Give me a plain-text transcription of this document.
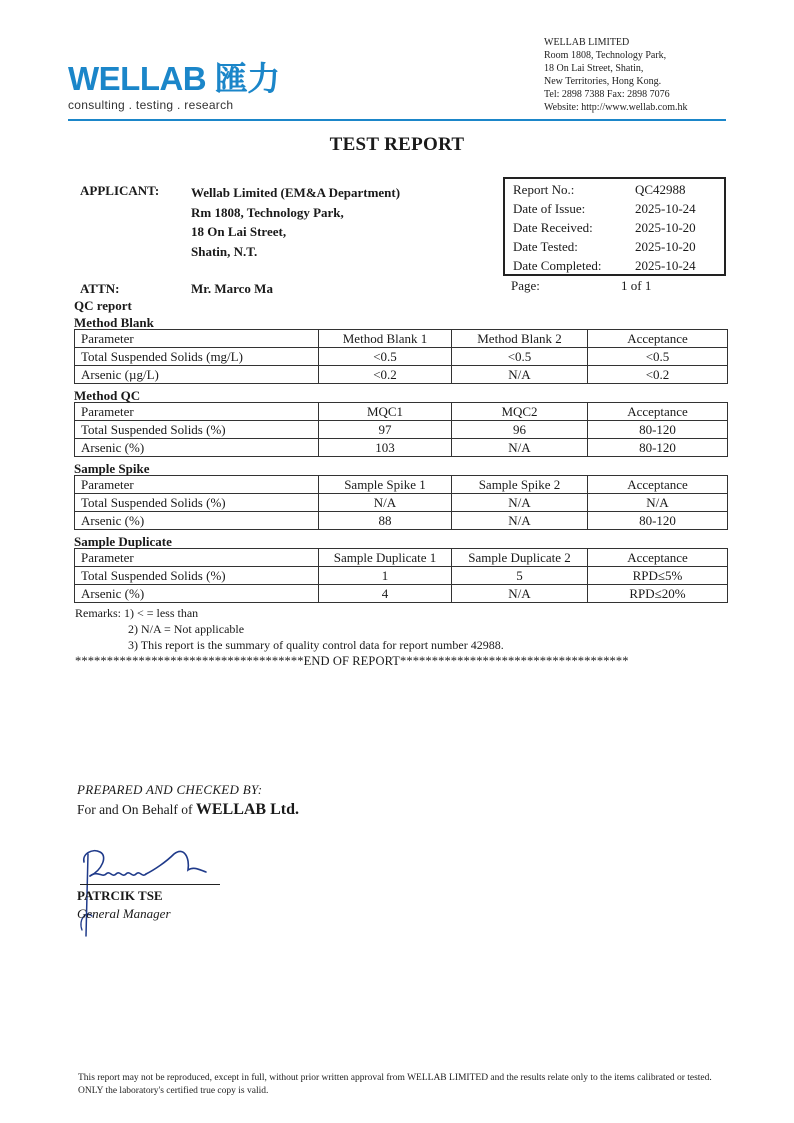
WELLAB 匯力
consulting . testing . research
WELLAB LIMITED
Room 1808, Technology Park,
18 On Lai Street, Shatin,
New Territories, Hong Kong.
Tel: 2898 7388 Fax: 2898 7076
Website: http://www.wellab.com.hk
TEST REPORT
APPLICANT: Wellab Limited (EM&A Department)
Rm 1808, Technology Park,
18 On Lai Street,
Shatin, N.T.
ATTN:	Mr. Marco Ma
Report No.:	QC42988
Date of Issue:	2025-10-24
Date Received:	2025-10-20
Date Tested:	2025-10-20
Date Completed:	2025-10-24
Page:	1 of 1
QC report
Method Blank
Parameter	Method Blank 1	Method Blank 2	Acceptance
Total Suspended Solids (mg/L)	<0.5	<0.5	<0.5
Arsenic (µg/L)	<0.2	N/A	<0.2
Method QC
Parameter	MQC1	MQC2	Acceptance
Total Suspended Solids (%)	97	96	80-120
Arsenic (%)	103	N/A	80-120
Sample Spike
Parameter	Sample Spike 1	Sample Spike 2	Acceptance
Total Suspended Solids (%)	N/A	N/A	N/A
Arsenic (%)	88	N/A	80-120
Sample Duplicate
Parameter	Sample Duplicate 1	Sample Duplicate 2	Acceptance
Total Suspended Solids (%)	1	5	RPD≤5%
Arsenic (%)	4	N/A	RPD≤20%
Remarks: 1) < = less than
2) N/A = Not applicable
3) This report is the summary of quality control data for report number 42988.
************************************END OF REPORT************************************
PREPARED AND CHECKED BY:
For and On Behalf of WELLAB Ltd.
PATRCIK TSE
General Manager
This report may not be reproduced, except in full, without prior written approval from WELLAB LIMITED and the results relate only to the items calibrated or tested. ONLY the laboratory's certified true copy is valid.
